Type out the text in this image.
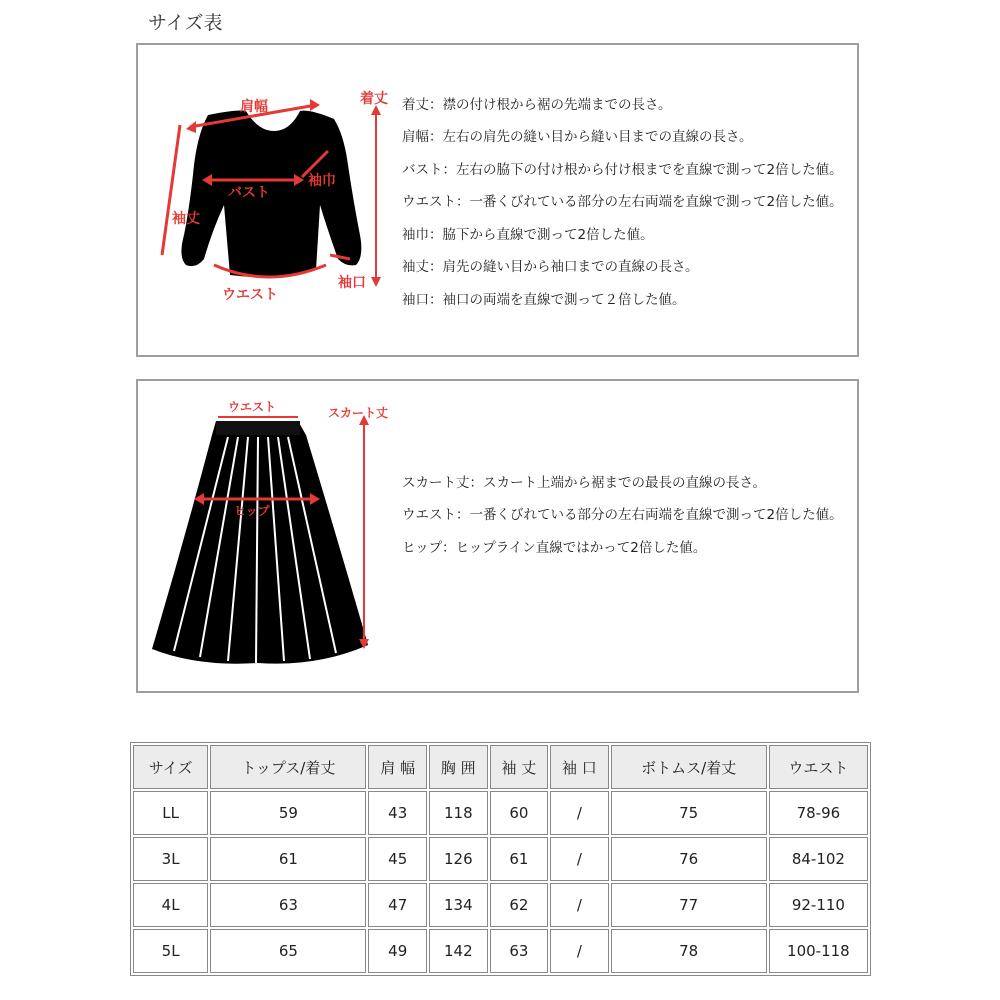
サイズ表
肩幅	着丈
バスト
袖巾
袖丈
ウエスト
袖口
着丈：襟の付け根から裾の先端までの長さ。
肩幅：左右の肩先の縫い目から縫い目までの直線の長さ。
バスト：左右の脇下の付け根から付け根までを直線で測って2倍した値。
ウエスト：一番くびれている部分の左右両端を直線で測って2倍した値。
袖巾：脇下から直線で測って2倍した値。
袖丈：肩先の縫い目から袖口までの直線の長さ。
袖口：袖口の両端を直線で測って２倍した値。
ウエスト	スカート丈
ヒップ
スカート丈：スカート上端から裾までの最長の直線の長さ。
ウエスト：一番くびれている部分の左右両端を直線で測って2倍した値。
ヒップ：ヒップライン直線ではかって2倍した値。
サイズ	トップス/着丈	肩 幅	胸 囲	袖 丈	袖 口	ボトムス/着丈	ウエスト
LL	59	43	118	60	/	75	78-96
3L	61	45	126	61	/	76	84-102
4L	63	47	134	62	/	77	92-110
5L	65	49	142	63	/	78	100-118
